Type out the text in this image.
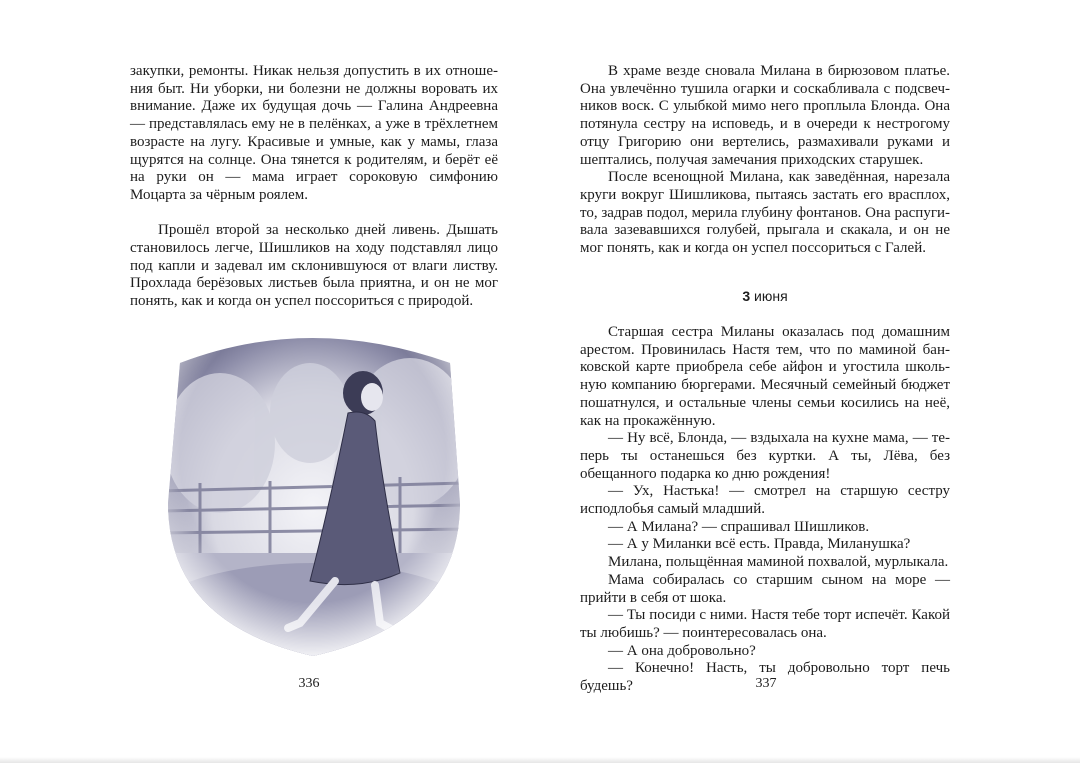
закупки, ремонты. Никак нельзя допустить в их отношения быт. Ни уборки, ни болезни не должны воровать их внимание. Даже их будущая дочь — Галина Андреевна — представлялась ему не в пелёнках, а уже в трёхлетнем возрасте на лугу. Красивые и умные, как у мамы, глаза щурятся на солнце. Она тянется к родителям, и берёт её на руки он — мама играет сороковую симфонию Моцарта за чёрным роялем.

Прошёл второй за несколько дней ливень. Дышать становилось легче, Шишликов на ходу подставлял лицо под капли и задевал им склонившуюся от влаги листву. Прохлада берёзовых листьев была приятна, и он не мог понять, как и когда он успел поссориться с природой.

336

В храме везде сновала Милана в бирюзовом платье. Она увлечённо тушила огарки и соскабливала с подсвечников воск. С улыбкой мимо него проплыла Блонда. Она потянула сестру на исповедь, и в очереди к нестрогому отцу Григорию они вертелись, размахивали руками и шептались, получая замечания приходских старушек.

После всенощной Милана, как заведённая, нарезала круги вокруг Шишликова, пытаясь застать его врасплох, то, задрав подол, мерила глубину фонтанов. Она распугивала зазевавшихся голубей, прыгала и скакала, и он не мог понять, как и когда он успел поссориться с Галей.

3 июня

Старшая сестра Миланы оказалась под домашним арестом. Провинилась Настя тем, что по маминой банковской карте приобрела себе айфон и угостила школьную компанию бюргерами. Месячный семейный бюджет пошатнулся, и остальные члены семьи косились на неё, как на прокажённую.

— Ну всё, Блонда, — вздыхала на кухне мама, — теперь ты останешься без куртки. А ты, Лёва, без обещанного подарка ко дню рождения!

— Ух, Настька! — смотрел на старшую сестру исподлобья самый младший.

— А Милана? — спрашивал Шишликов.

— А у Миланки всё есть. Правда, Миланушка?

Милана, польщённая маминой похвалой, мурлыкала.

Мама собиралась со старшим сыном на море — прийти в себя от шока.

— Ты посиди с ними. Настя тебе торт испечёт. Какой ты любишь? — поинтересовалась она.

— А она добровольно?

— Конечно! Насть, ты добровольно торт печь будешь?	337
